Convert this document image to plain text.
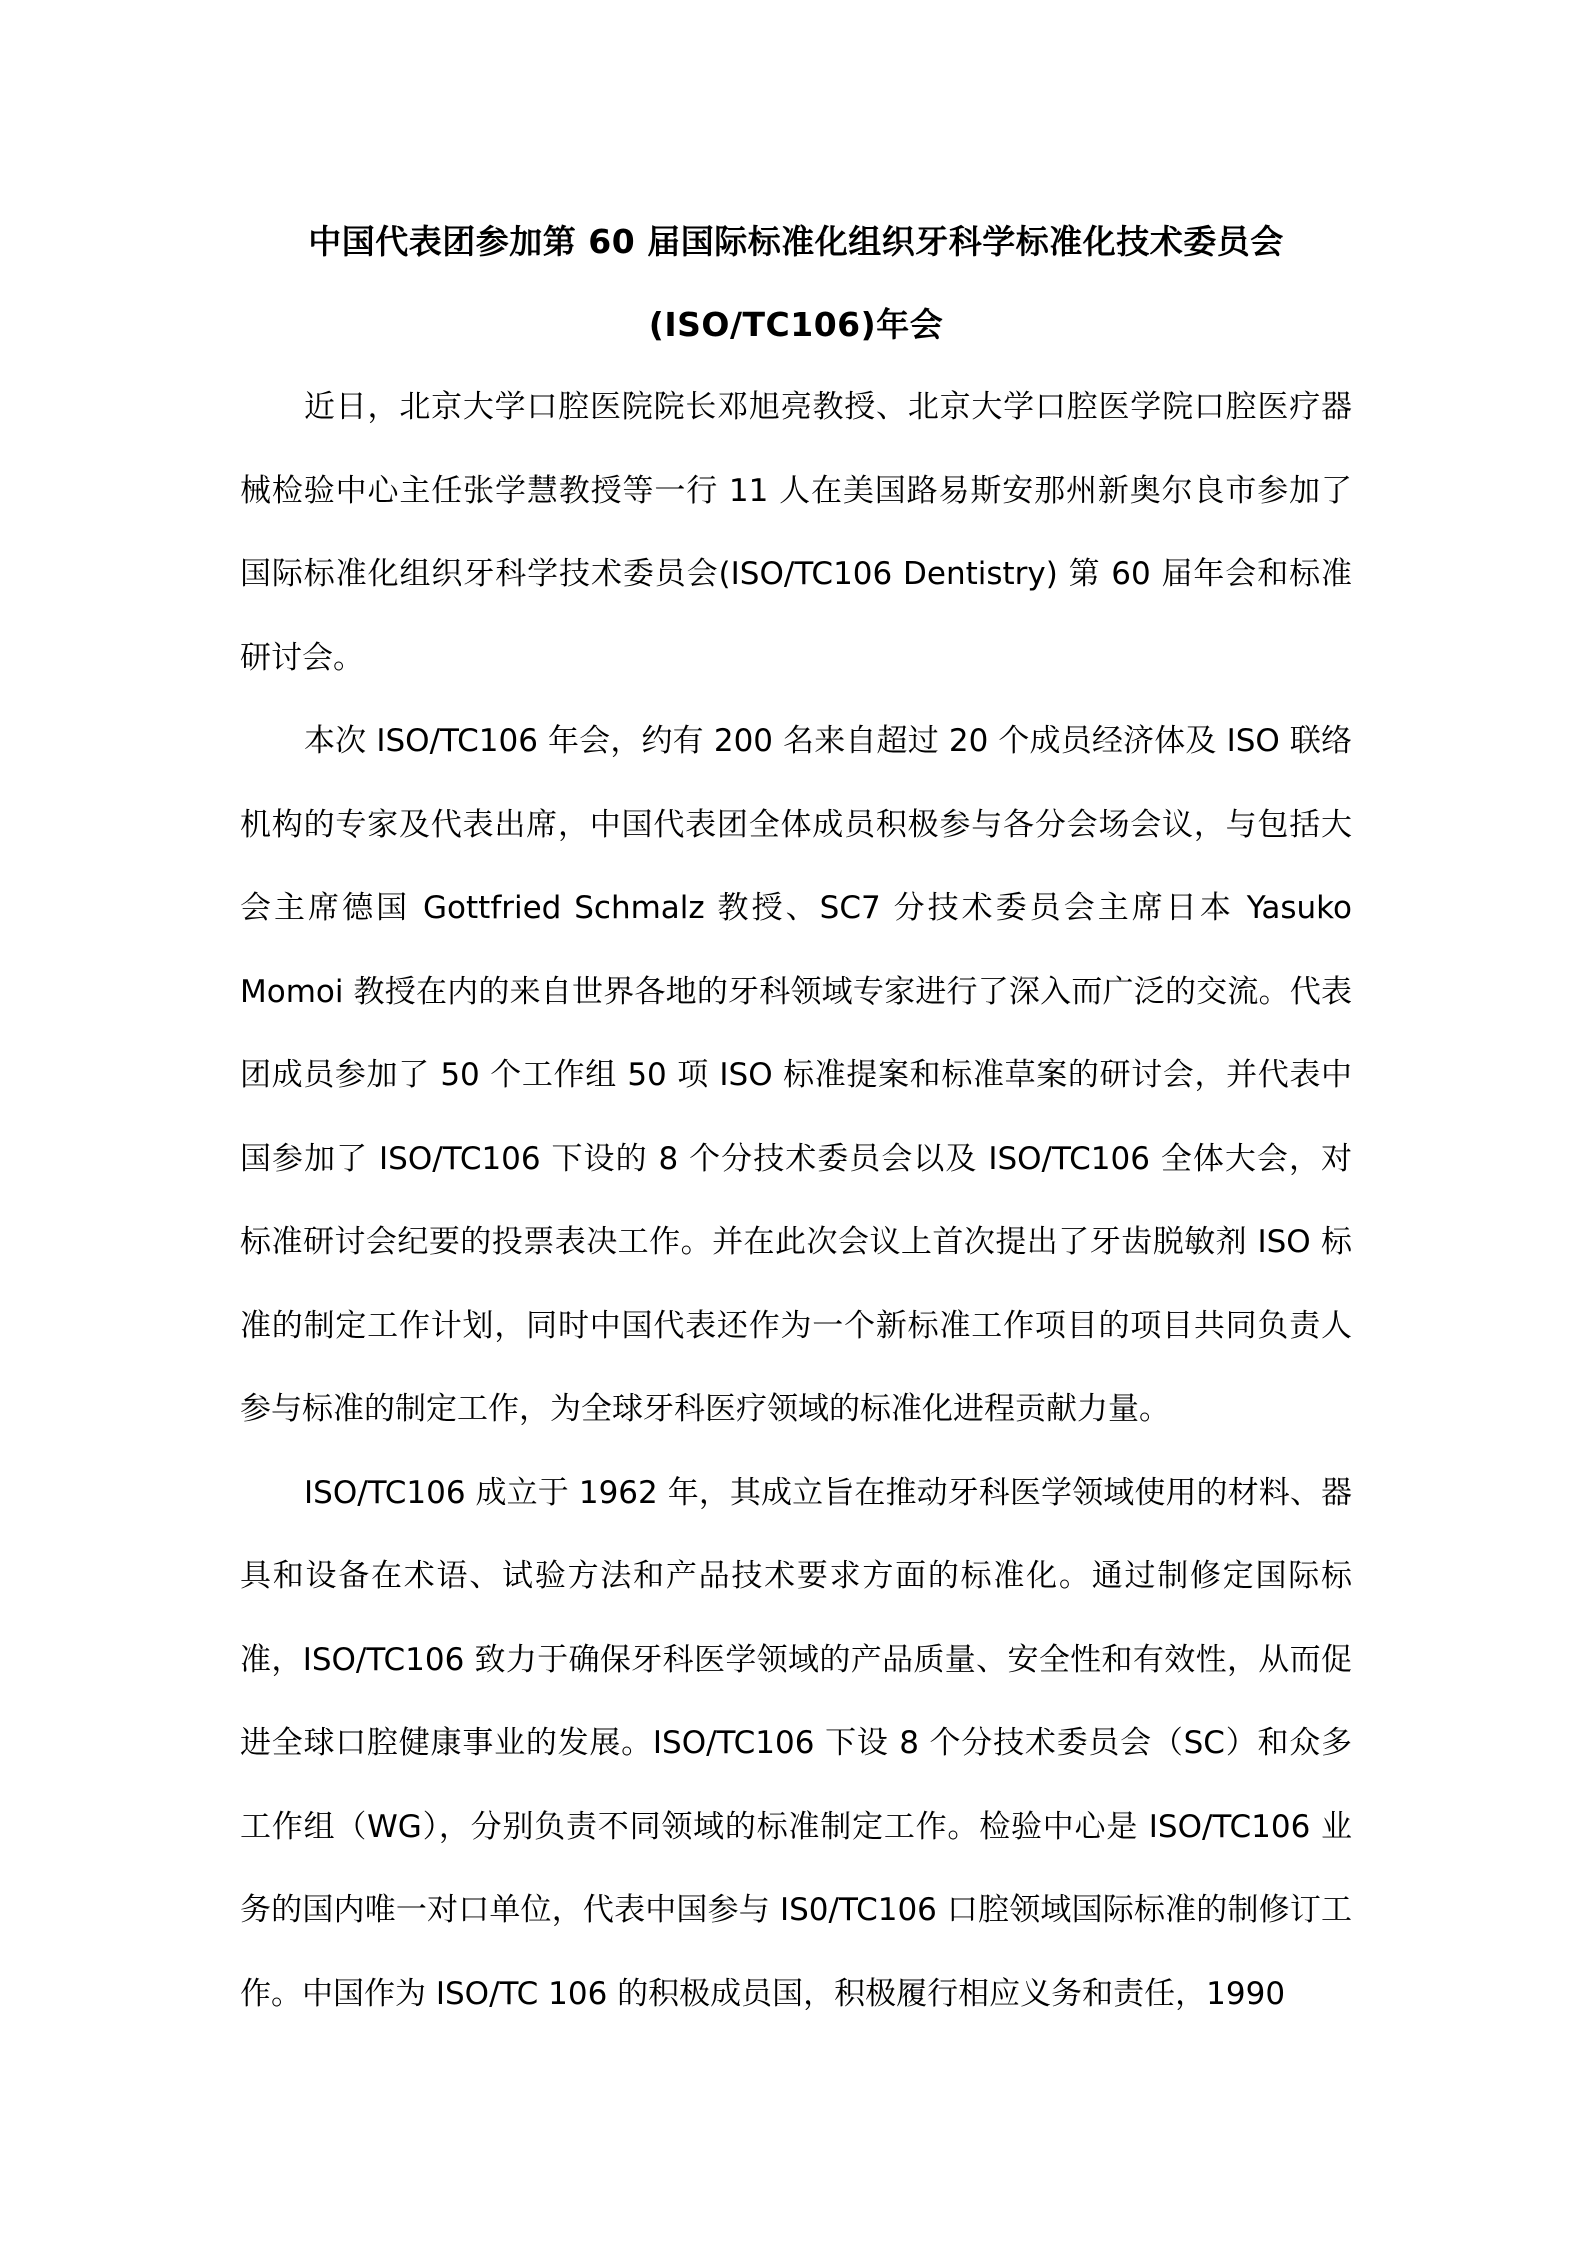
中国代表团参加第 60 届国际标准化组织牙科学标准化技术委员会
(ISO/TC106)年会

近日，北京大学口腔医院院长邓旭亮教授、北京大学口腔医学院口腔医疗器械检验中心主任张学慧教授等一行 11 人在美国路易斯安那州新奥尔良市参加了国际标准化组织牙科学技术委员会(ISO/TC106 Dentistry) 第 60 届年会和标准研讨会。

本次 ISO/TC106 年会，约有 200 名来自超过 20 个成员经济体及 ISO 联络机构的专家及代表出席，中国代表团全体成员积极参与各分会场会议，与包括大会主席德国 Gottfried Schmalz 教授、SC7 分技术委员会主席日本 Yasuko Momoi 教授在内的来自世界各地的牙科领域专家进行了深入而广泛的交流。代表团成员参加了 50 个工作组 50 项 ISO 标准提案和标准草案的研讨会，并代表中国参加了 ISO/TC106 下设的 8 个分技术委员会以及 ISO/TC106 全体大会，对标准研讨会纪要的投票表决工作。并在此次会议上首次提出了牙齿脱敏剂 ISO 标准的制定工作计划，同时中国代表还作为一个新标准工作项目的项目共同负责人参与标准的制定工作，为全球牙科医疗领域的标准化进程贡献力量。

ISO/TC106 成立于 1962 年，其成立旨在推动牙科医学领域使用的材料、器具和设备在术语、试验方法和产品技术要求方面的标准化。通过制修定国际标准，ISO/TC106 致力于确保牙科医学领域的产品质量、安全性和有效性，从而促进全球口腔健康事业的发展。ISO/TC106 下设 8 个分技术委员会（SC）和众多工作组（WG），分别负责不同领域的标准制定工作。检验中心是 ISO/TC106 业务的国内唯一对口单位，代表中国参与 IS0/TC106 口腔领域国际标准的制修订工作。中国作为 ISO/TC 106 的积极成员国，积极履行相应义务和责任，1990
